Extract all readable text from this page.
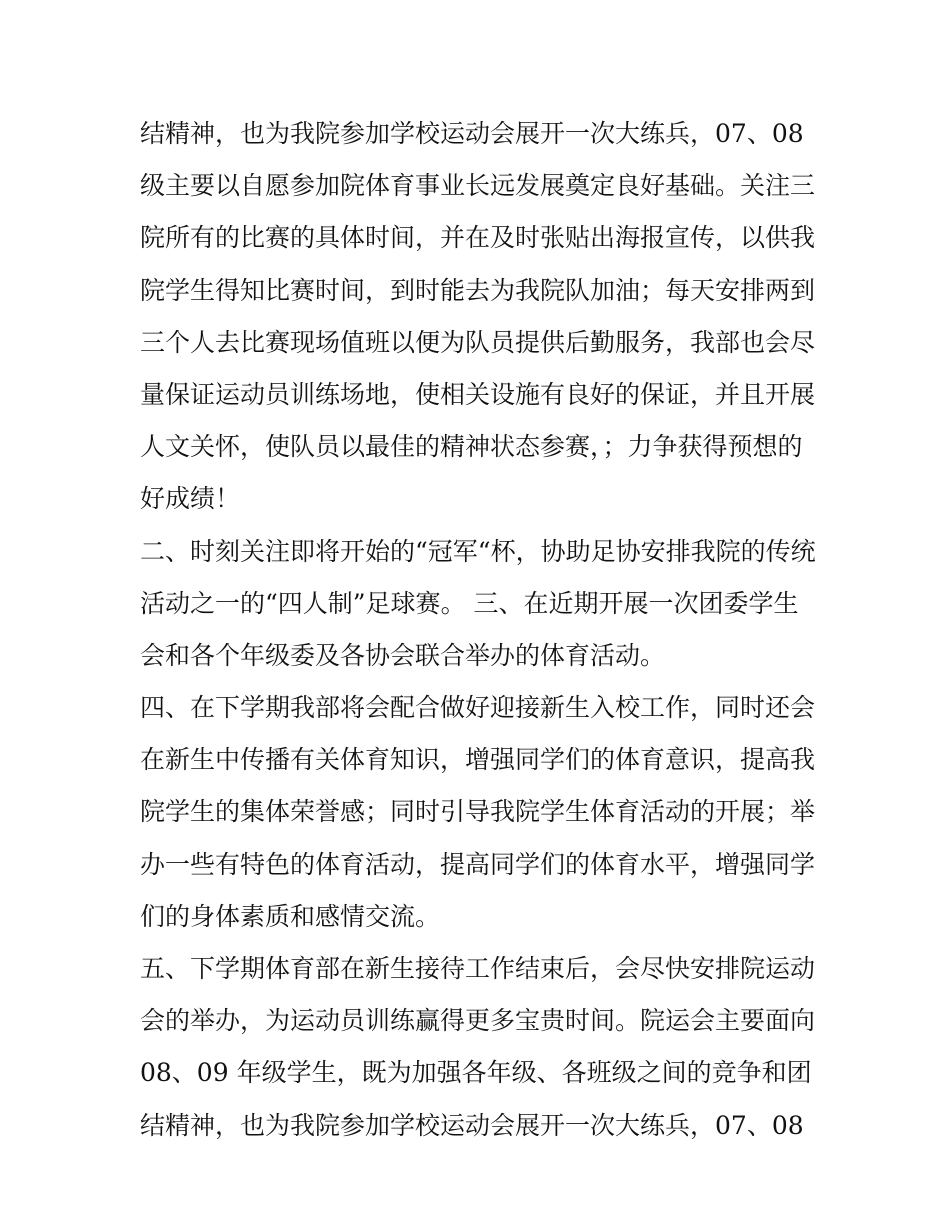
结精神，也为我院参加学校运动会展开一次大练兵，07、08
级主要以自愿参加院体育事业长远发展奠定良好基础。关注三
院所有的比赛的具体时间，并在及时张贴出海报宣传，以供我
院学生得知比赛时间，到时能去为我院队加油；每天安排两到
三个人去比赛现场值班以便为队员提供后勤服务，我部也会尽
量保证运动员训练场地，使相关设施有良好的保证，并且开展
人文关怀，使队员以最佳的精神状态参赛，；力争获得预想的
好成绩！
二、时刻关注即将开始的“冠军“杯，协助足协安排我院的传统
活动之一的“四人制”足球赛。 三、在近期开展一次团委学生
会和各个年级委及各协会联合举办的体育活动。
四、在下学期我部将会配合做好迎接新生入校工作，同时还会
在新生中传播有关体育知识，增强同学们的体育意识，提高我
院学生的集体荣誉感；同时引导我院学生体育活动的开展；举
办一些有特色的体育活动，提高同学们的体育水平，增强同学
们的身体素质和感情交流。
五、下学期体育部在新生接待工作结束后，会尽快安排院运动
会的举办，为运动员训练赢得更多宝贵时间。院运会主要面向
08、09 年级学生，既为加强各年级、各班级之间的竞争和团
结精神，也为我院参加学校运动会展开一次大练兵，07、08
